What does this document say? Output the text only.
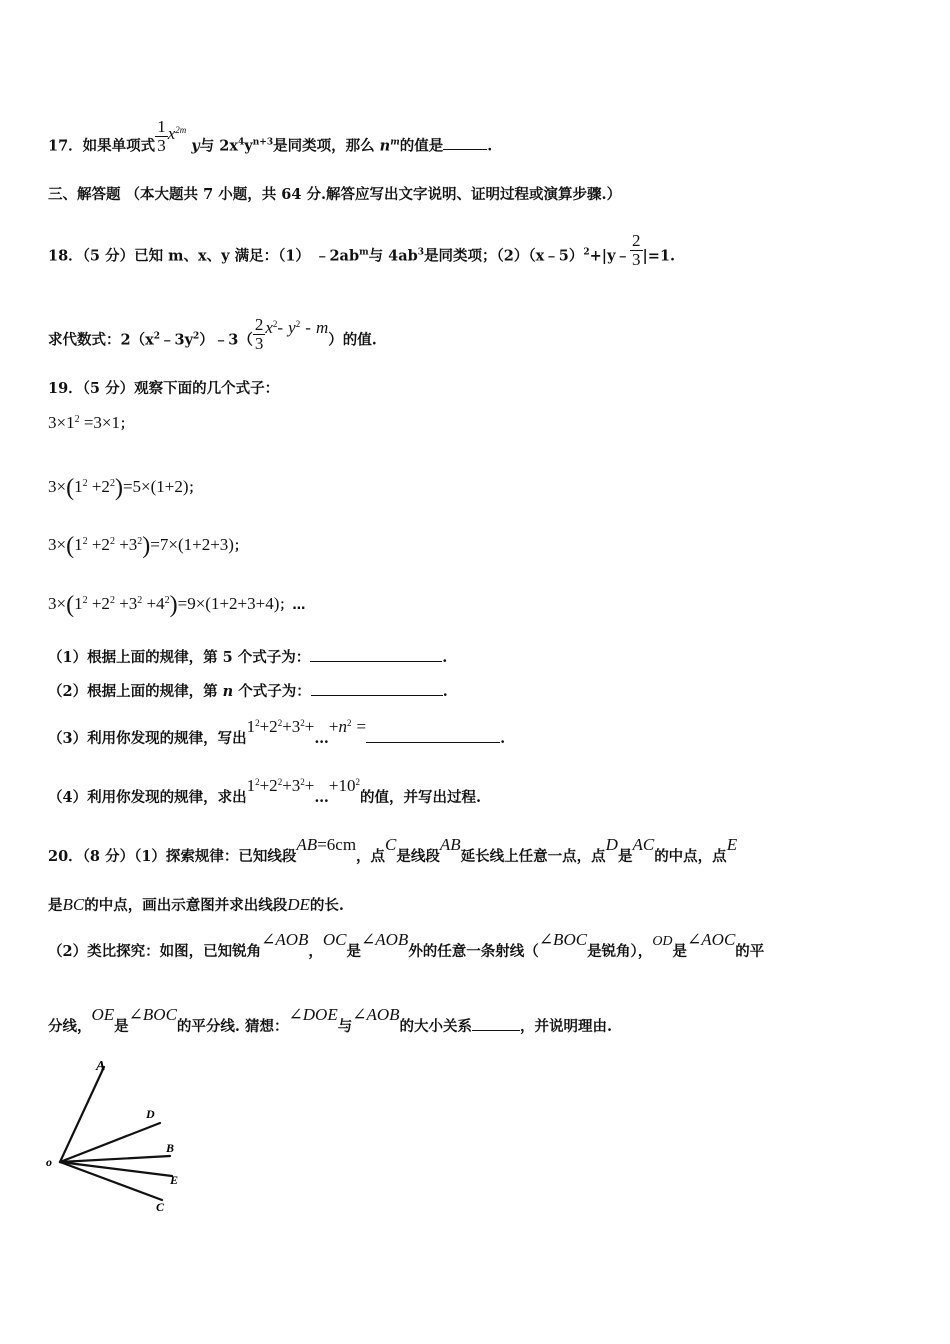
17．如果单项式 $\frac{1}{3} x^{2m}$ y与 $2x^4y^{n+3}$是同类项，那么 $n^m$的值是	.
三、解答题 （本大题共 7 小题，共 64 分.解答应写出文字说明、证明过程或演算步骤.）
18．（5 分）已知 m、x、y 满足：（1） $﹣2ab^m$与 $4ab^3$是同类项；（2）（x﹣5）$^2$+|y﹣ $\frac{2}{3} |=1$.
求代数式：$2(x^2﹣3y^2)﹣3( \frac{2}{3} x^2-$ $y^2 - m$）的值.
19．（5 分）观察下面的几个式子：
$3\times 1^2 =3\times 1$；
$3\times(1^2 +2^2)=5\times(1+2)$；
$3\times(1^2 +2^2 +3^2)=7\times(1+2+3)$；
$3\times(1^2 +2^2 +3^2 +4^2)=9\times(1+2+3+4)$；…
（1）根据上面的规律，第 5 个式子为：	.
（2）根据上面的规律，第 n 个式子为：	.
（3）利用你发现的规律，写出$1^2+2^2+3^2+\dots+n^2$ =.
（4）利用你发现的规律，求出$1^2+2^2+3^2+\dots+10^2$的值，并写出过程.
20．（8 分）（1）探索规律：已知线段AB=6cm，点C是线段AB延长线上任意一点，点D是AC的中点，点E
是BC的中点，画出示意图并求出线段DE的长.
（2）类比探究：如图，已知锐角∠AOB，OC是∠AOB外的任意一条射线（∠BOC是锐角），OD是∠AOC的平
分线，OE是∠BOC的平分线. 猜想：∠DOE与∠AOB的大小关系	，并说明理由.
A
D
B
E
C
o
